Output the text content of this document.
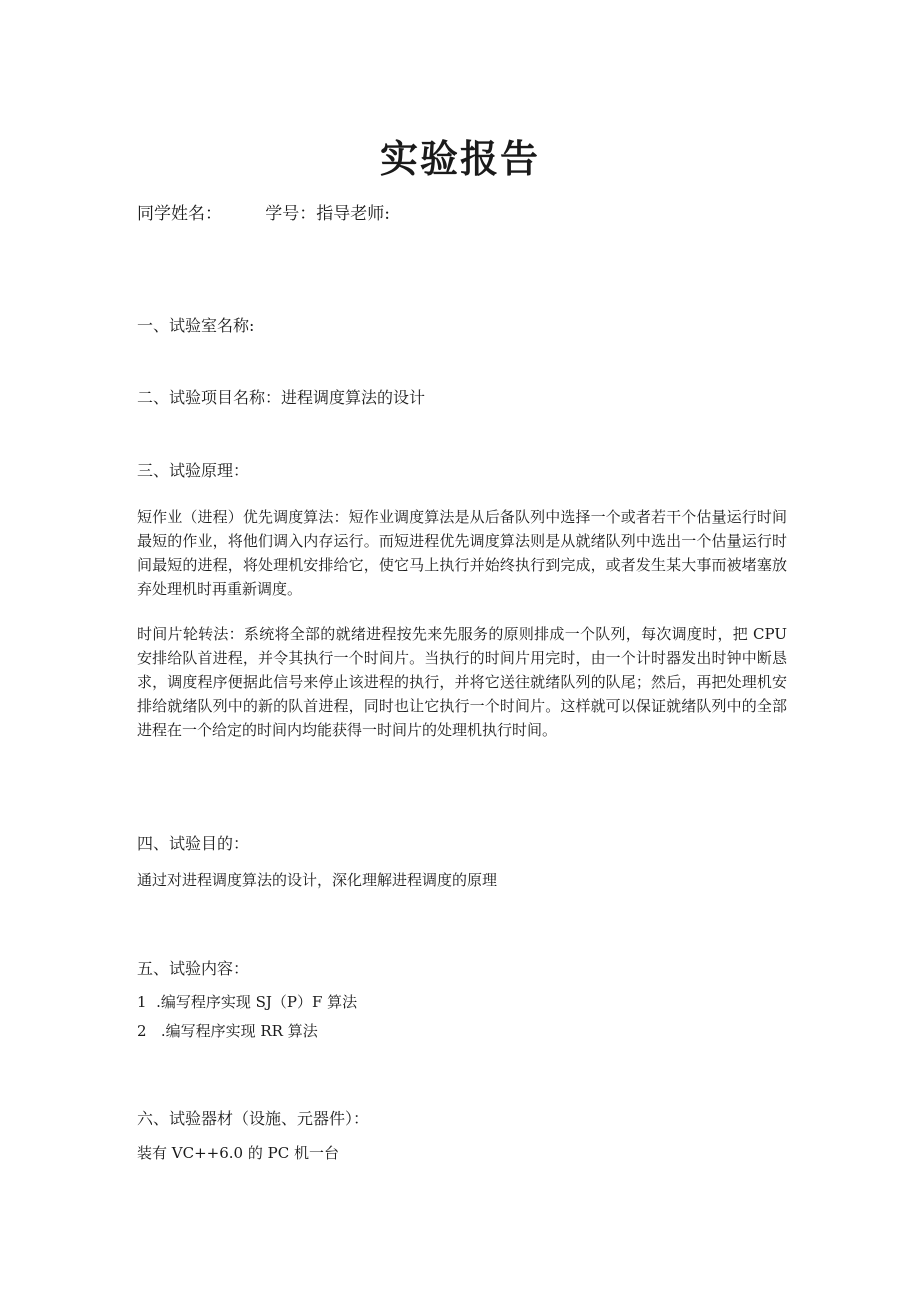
实验报告
同学姓名：        学号：指导老师:
一、试验室名称:
二、试验项目名称：进程调度算法的设计
三、试验原理：

短作业（进程）优先调度算法：短作业调度算法是从后备队列中选择一个或者若干个估量运行时间最短的作业，将他们调入内存运行。而短进程优先调度算法则是从就绪队列中选出一个估量运行时间最短的进程，将处理机安排给它，使它马上执行并始终执行到完成，或者发生某大事而被堵塞放弃处理机时再重新调度。

时间片轮转法：系统将全部的就绪进程按先来先服务的原则排成一个队列，每次调度时，把 CPU 安排给队首进程，并令其执行一个时间片。当执行的时间片用完时，由一个计时器发出时钟中断恳求，调度程序便据此信号来停止该进程的执行，并将它送往就绪队列的队尾；然后，再把处理机安排给就绪队列中的新的队首进程，同时也让它执行一个时间片。这样就可以保证就绪队列中的全部进程在一个给定的时间内均能获得一时间片的处理机执行时间。

四、试验目的：

通过对进程调度算法的设计，深化理解进程调度的原理

五、试验内容：

1  .编写程序实现 SJ（P）F 算法

2   .编写程序实现 RR 算法

六、试验器材（设施、元器件）：

装有 VC++6.0 的 PC 机一台
